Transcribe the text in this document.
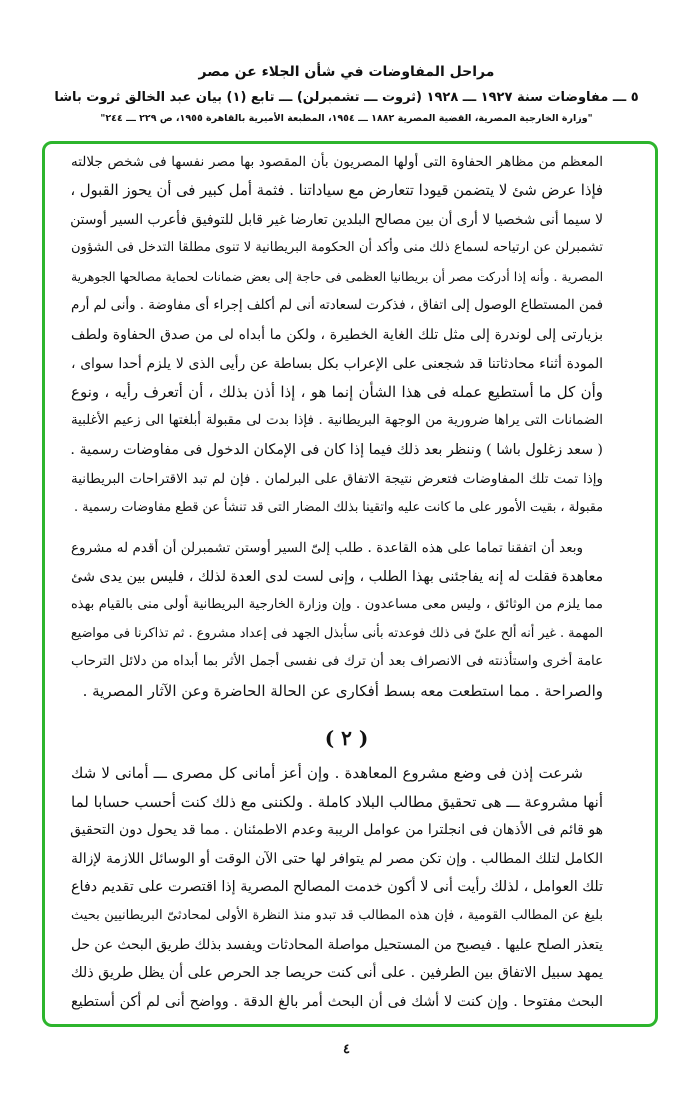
مراحل المفاوضات في شأن الجلاء عن مصر
٥ ـــ مفاوضات سنة ١٩٢٧ ـــ ١٩٢٨ (ثروت ـــ تشمبرلن) ـــ تابع (١) بيان عبد الخالق ثروت باشا
"وزارة الخارجية المصرية، القضية المصرية ١٨٨٢ ـــ ١٩٥٤، المطبعة الأميرية بالقاهرة ١٩٥٥، ص ٢٢٩ ـــ ٢٤٤"
المعظم من مظاهر الحفاوة التى أولها المصريون بأن المقصود بها مصر نفسها فى شخص جلالته
فإذا عرض شئ لا يتضمن قيودا تتعارض مع سياداتنا . فثمة أمل كبير فى أن يحوز القبول ،
لا سيما أنى شخصيا لا أرى أن بين مصالح البلدين تعارضا غير قابل للتوفيق فأعرب السير أوستن
تشمبرلن عن ارتياحه لسماع ذلك منى وأكد أن الحكومة البريطانية لا تنوى مطلقا التدخل فى الشؤون
المصرية . وأنه إذا أدركت مصر أن بريطانيا العظمى فى حاجة إلى بعض ضمانات لحماية مصالحها الجوهرية
فمن المستطاع الوصول إلى اتفاق ، فذكرت لسعادته أنى لم أكلف إجراء أى مفاوضة . وأنى لم أرم
بزيارتى إلى لوندرة إلى مثل تلك الغاية الخطيرة ، ولكن ما أبداه لى من صدق الحفاوة ولطف
المودة أثناء محادثاتنا قد شجعنى على الإعراب بكل بساطة عن رأيى الذى لا يلزم أحدا سواى ،
وأن كل ما أستطيع عمله فى هذا الشأن إنما هو ، إذا أذن بذلك ، أن أتعرف رأيه ، ونوع
الضمانات التى يراها ضرورية من الوجهة البريطانية . فإذا بدت لى مقبولة أبلغتها الى زعيم الأغلبية
( سعد زغلول باشا ) وننظر بعد ذلك فيما إذا كان فى الإمكان الدخول فى مفاوضات رسمية .
وإذا تمت تلك المفاوضات فتعرض نتيجة الاتفاق على البرلمان . فإن لم تبد الاقتراحات البريطانية
مقبولة ، بقيت الأمور على ما كانت عليه واتقينا بذلك المضار التى قد تنشأ عن قطع مفاوضات رسمية .
وبعد أن اتفقنا تماما على هذه القاعدة . طلب إلىّ السير أوستن تشمبرلن أن أقدم له مشروع
معاهدة فقلت له إنه يفاجئنى بهذا الطلب ، وإنى لست لدى العدة لذلك ، فليس بين يدى شئ
مما يلزم من الوثائق ، وليس معى مساعدون . وإن وزارة الخارجية البريطانية أولى منى بالقيام بهذه
المهمة . غير أنه ألح علىّ فى ذلك فوعدته بأنى سأبذل الجهد فى إعداد مشروع . ثم تذاكرنا فى مواضيع
عامة أخرى واستأذنته فى الانصراف بعد أن ترك فى نفسى أجمل الأثر بما أبداه من دلائل الترحاب
والصراحة . مما استطعت معه بسط أفكارى عن الحالة الحاضرة وعن الآثار المصرية .
( ٢ )
شرعت إذن فى وضع مشروع المعاهدة . وإن أعز أمانى كل مصرى ـــ أمانى لا شك
أنها مشروعة ـــ هى تحقيق مطالب البلاد كاملة . ولكننى مع ذلك كنت أحسب حسابا لما
هو قائم فى الأذهان فى انجلترا من عوامل الريبة وعدم الاطمئنان . مما قد يحول دون التحقيق
الكامل لتلك المطالب . وإن تكن مصر لم يتوافر لها حتى الآن الوقت أو الوسائل اللازمة لإزالة
تلك العوامل ، لذلك رأيت أنى لا أكون خدمت المصالح المصرية إذا اقتصرت على تقديم دفاع
بليغ عن المطالب القومية ، فإن هذه المطالب قد تبدو منذ النظرة الأولى لمحادثىّ البريطانيين بحيث
يتعذر الصلح عليها . فيصبح من المستحيل مواصلة المحادثات ويفسد بذلك طريق البحث عن حل
يمهد سبيل الاتفاق بين الطرفين . على أنى كنت حريصا جد الحرص على أن يظل طريق ذلك
البحث مفتوحا . وإن كنت لا أشك فى أن البحث أمر بالغ الدقة . وواضح أنى لم أكن أستطيع
٤
